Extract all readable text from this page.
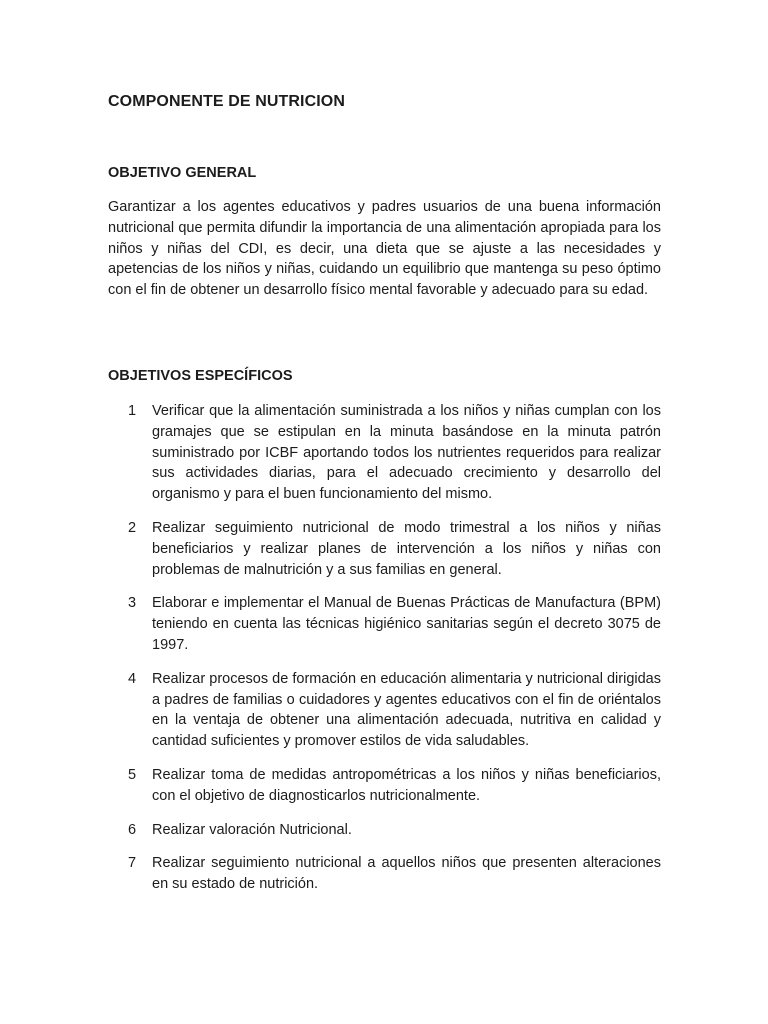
COMPONENTE DE NUTRICION
OBJETIVO GENERAL

Garantizar a los agentes educativos y padres usuarios de una buena información nutricional que permita difundir la importancia de una alimentación apropiada para los niños y niñas del CDI, es decir, una dieta que se ajuste a las necesidades y apetencias de los niños y niñas, cuidando un equilibrio que mantenga su peso óptimo con el fin de obtener un desarrollo físico mental favorable y adecuado para su edad.

OBJETIVOS ESPECÍFICOS
1 Verificar que la alimentación suministrada a los niños y niñas cumplan con los gramajes que se estipulan en la minuta basándose en la minuta patrón suministrado por ICBF aportando todos los nutrientes requeridos para realizar sus actividades diarias, para el adecuado crecimiento y desarrollo del organismo y para el buen funcionamiento del mismo.
2 Realizar seguimiento nutricional de modo trimestral a los niños y niñas beneficiarios y realizar planes de intervención a los niños y niñas con problemas de malnutrición y a sus familias en general.
3 Elaborar e implementar el Manual de Buenas Prácticas de Manufactura (BPM) teniendo en cuenta las técnicas higiénico sanitarias según el decreto 3075 de 1997.
4 Realizar procesos de formación en educación alimentaria y nutricional dirigidas a padres de familias o cuidadores y agentes educativos con el fin de oriéntalos en la ventaja de obtener una alimentación adecuada, nutritiva en calidad y cantidad suficientes y promover estilos de vida saludables.
5 Realizar toma de medidas antropométricas a los niños y niñas beneficiarios, con el objetivo de diagnosticarlos nutricionalmente.
6 Realizar valoración Nutricional.
7 Realizar seguimiento nutricional a aquellos niños que presenten alteraciones en su estado de nutrición.
